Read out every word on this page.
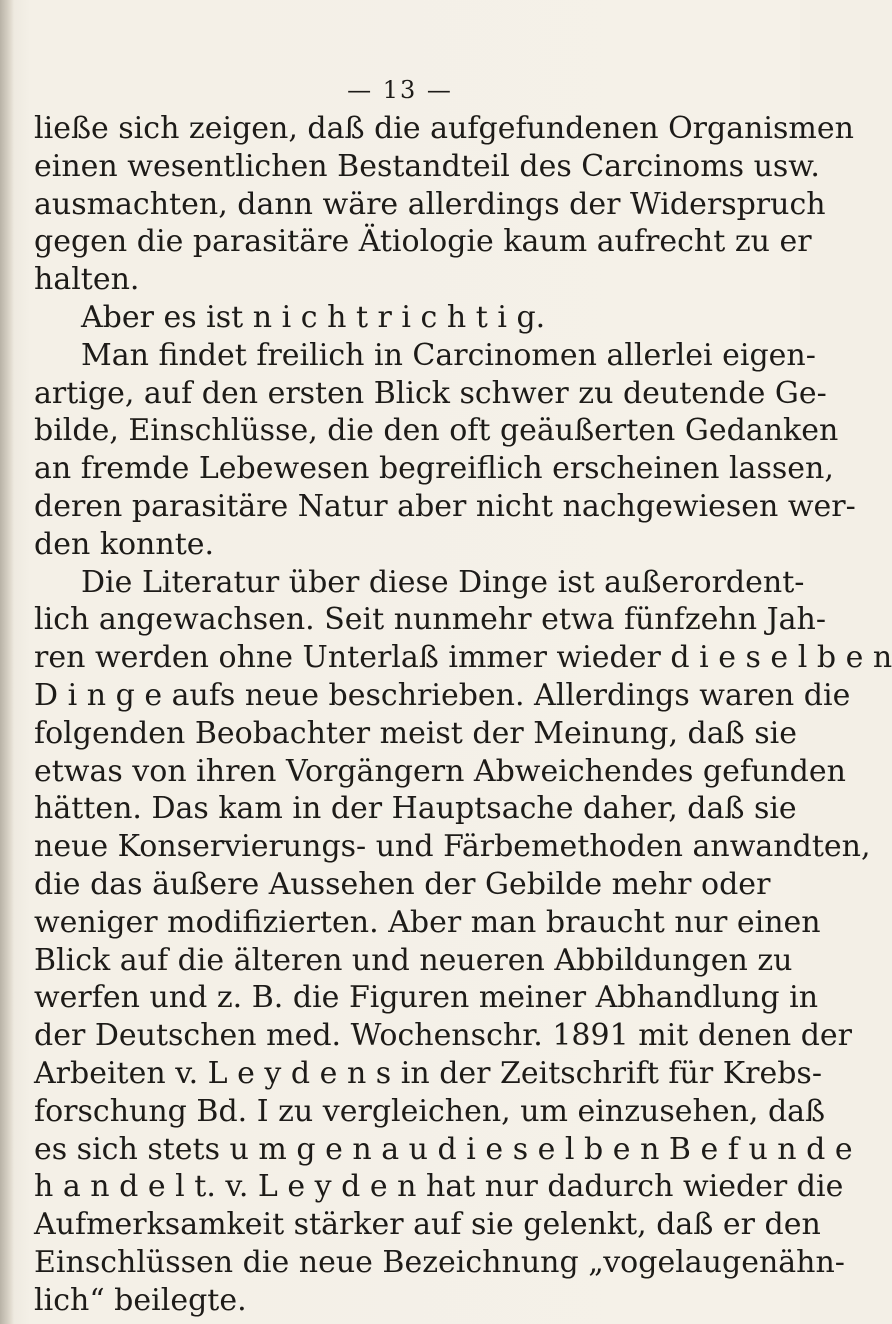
— 13 —
ließe sich zeigen, daß die aufgefundenen Organismen
einen wesentlichen Bestandteil des Carcinoms usw.
ausmachten, dann wäre allerdings der Widerspruch
gegen die parasitäre Ätiologie kaum aufrecht zu er
halten.
Aber es ist n i c h t r i c h t i g.
Man findet freilich in Carcinomen allerlei eigen-
artige, auf den ersten Blick schwer zu deutende Ge-
bilde, Einschlüsse, die den oft geäußerten Gedanken
an fremde Lebewesen begreiflich erscheinen lassen,
deren parasitäre Natur aber nicht nachgewiesen wer-
den konnte.
Die Literatur über diese Dinge ist außerordent-
lich angewachsen. Seit nunmehr etwa fünfzehn Jah-
ren werden ohne Unterlaß immer wieder d i e s e l b e n
D i n g e aufs neue beschrieben. Allerdings waren die
folgenden Beobachter meist der Meinung, daß sie
etwas von ihren Vorgängern Abweichendes gefunden
hätten. Das kam in der Hauptsache daher, daß sie
neue Konservierungs- und Färbemethoden anwandten,
die das äußere Aussehen der Gebilde mehr oder
weniger modifizierten. Aber man braucht nur einen
Blick auf die älteren und neueren Abbildungen zu
werfen und z. B. die Figuren meiner Abhandlung in
der Deutschen med. Wochenschr. 1891 mit denen der
Arbeiten v. L e y d e n s in der Zeitschrift für Krebs-
forschung Bd. I zu vergleichen, um einzusehen, daß
es sich stets u m g e n a u d i e s e l b e n B e f u n d e
h a n d e l t. v. L e y d e n hat nur dadurch wieder die
Aufmerksamkeit stärker auf sie gelenkt, daß er den
Einschlüssen die neue Bezeichnung „vogelaugenähn-
lich“ beilegte.
